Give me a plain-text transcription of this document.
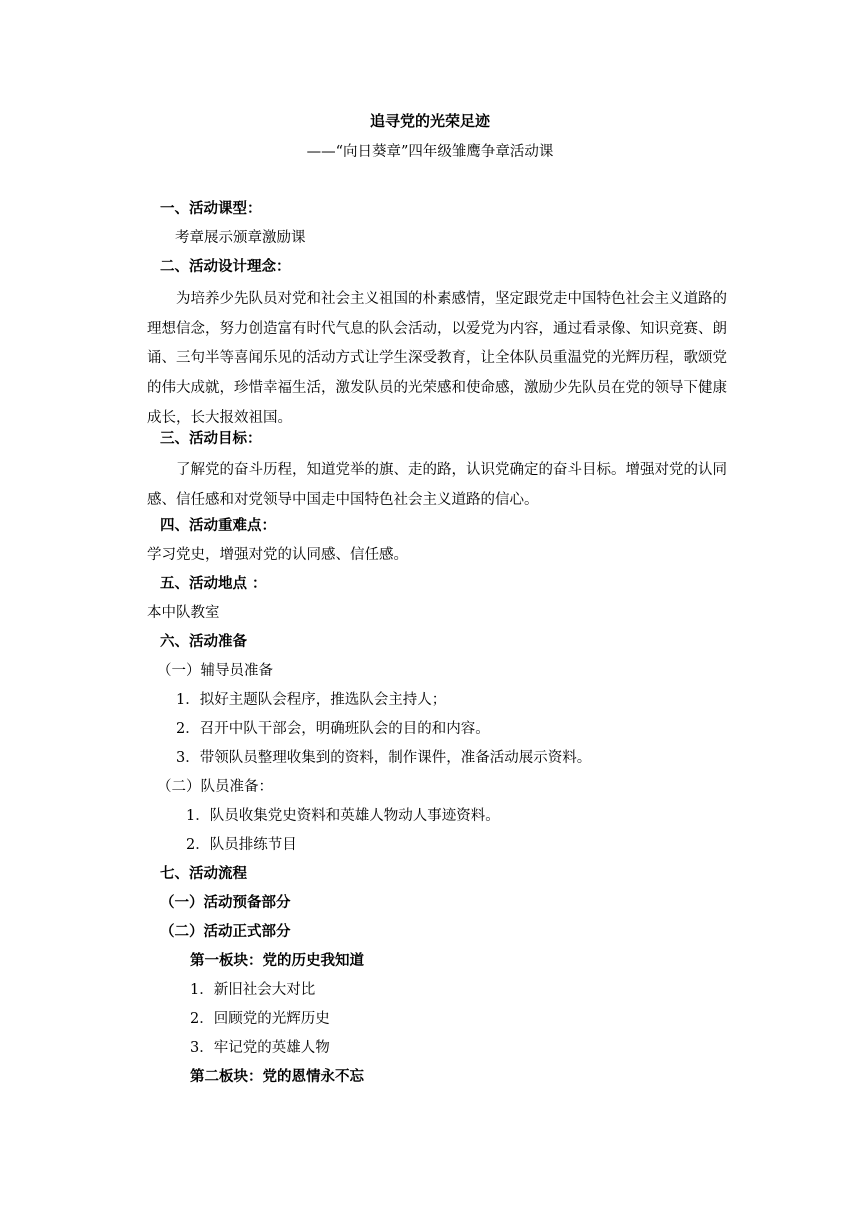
追寻党的光荣足迹
——“向日葵章”四年级雏鹰争章活动课
一、活动课型：
考章展示颁章激励课
二、活动设计理念：
为培养少先队员对党和社会主义祖国的朴素感情，坚定跟党走中国特色社会主义道路的理想信念，努力创造富有时代气息的队会活动，以爱党为内容，通过看录像、知识竞赛、朗诵、三句半等喜闻乐见的活动方式让学生深受教育，让全体队员重温党的光辉历程，歌颂党的伟大成就，珍惜幸福生活，激发队员的光荣感和使命感，激励少先队员在党的领导下健康成长，长大报效祖国。
三、活动目标：
了解党的奋斗历程，知道党举的旗、走的路，认识党确定的奋斗目标。增强对党的认同感、信任感和对党领导中国走中国特色社会主义道路的信心。
四、活动重难点：
学习党史，增强对党的认同感、信任感。
五、活动地点 ：
本中队教室
六、活动准备
（一）辅导员准备
1．拟好主题队会程序，推选队会主持人；
2．召开中队干部会，明确班队会的目的和内容。
3．带领队员整理收集到的资料，制作课件，准备活动展示资料。
（二）队员准备：
1．队员收集党史资料和英雄人物动人事迹资料。
2．队员排练节目
七、活动流程
（一）活动预备部分
（二）活动正式部分
第一板块：党的历史我知道
1．新旧社会大对比
2．回顾党的光辉历史
3．牢记党的英雄人物
第二板块：党的恩情永不忘
